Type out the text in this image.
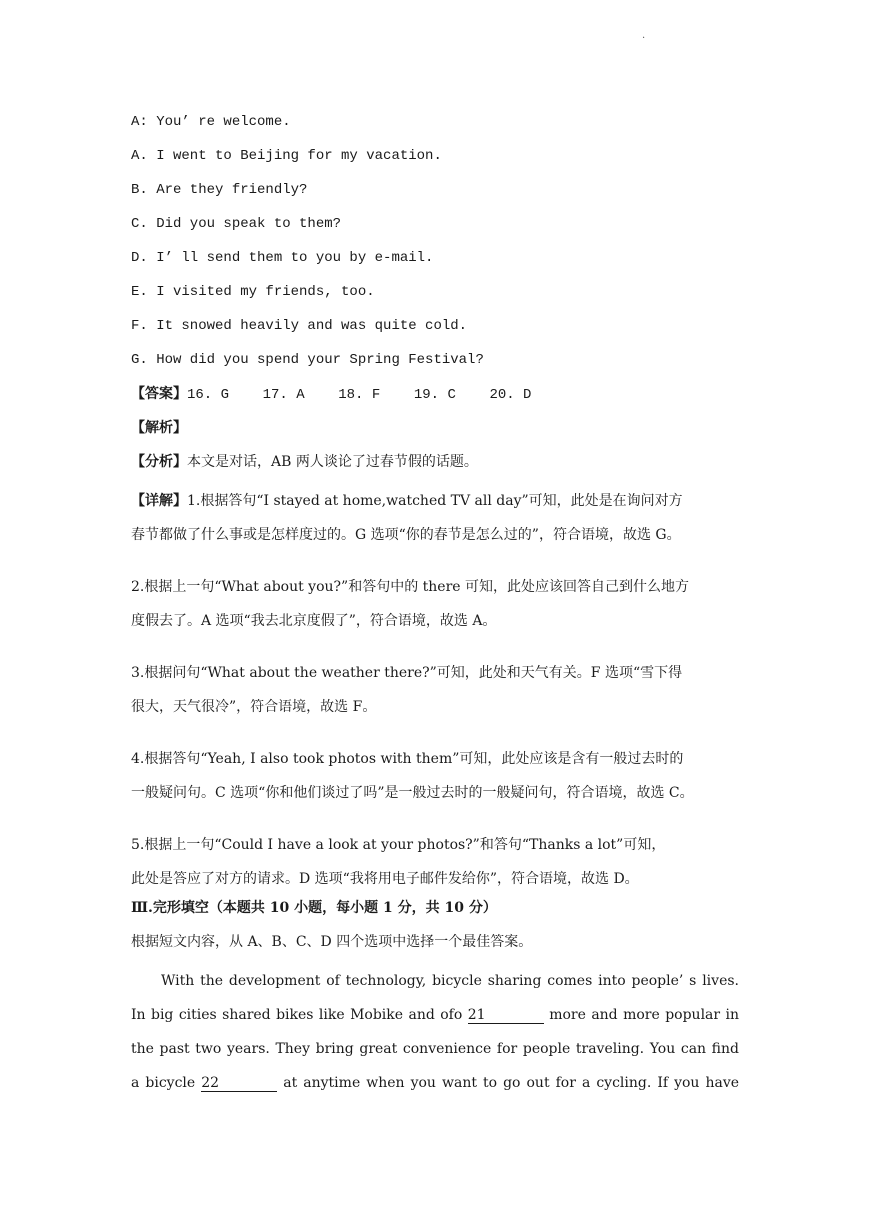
.
A: You’ re welcome.
A. I went to Beijing for my vacation.
B. Are they friendly?
C. Did you speak to them?
D. I’ ll send them to you by e-mail.
E. I visited my friends, too.
F. It snowed heavily and was quite cold.
G. How did you spend your Spring Festival?
【答案】16. G    17. A    18. F    19. C    20. D
【解析】
【分析】本文是对话，AB 两人谈论了过春节假的话题。
【详解】1.根据答句“I stayed at home,watched TV all day”可知，此处是在询问对方
春节都做了什么事或是怎样度过的。G 选项“你的春节是怎么过的”，符合语境，故选 G。
2.根据上一句“What about you?”和答句中的 there 可知，此处应该回答自己到什么地方
度假去了。A 选项“我去北京度假了”，符合语境，故选 A。
3.根据问句“What about the weather there?”可知，此处和天气有关。F 选项“雪下得
很大，天气很冷”，符合语境，故选 F。
4.根据答句“Yeah, I also took photos with them”可知，此处应该是含有一般过去时的
一般疑问句。C 选项“你和他们谈过了吗”是一般过去时的一般疑问句，符合语境，故选 C。
5.根据上一句“Could I have a look at your photos?”和答句“Thanks a lot”可知，
此处是答应了对方的请求。D 选项“我将用电子邮件发给你”，符合语境，故选 D。
Ⅲ.完形填空（本题共 10 小题，每小题 1 分，共 10 分）
根据短文内容，从 A、B、C、D 四个选项中选择一个最佳答案。
With the development of technology, bicycle sharing comes into people’ s lives.
In big cities shared bikes like Mobike and ofo 21	more and more popular in
the past two years. They bring great convenience for people traveling. You can find
a bicycle 22	at anytime when you want to go out for a cycling. If you have
